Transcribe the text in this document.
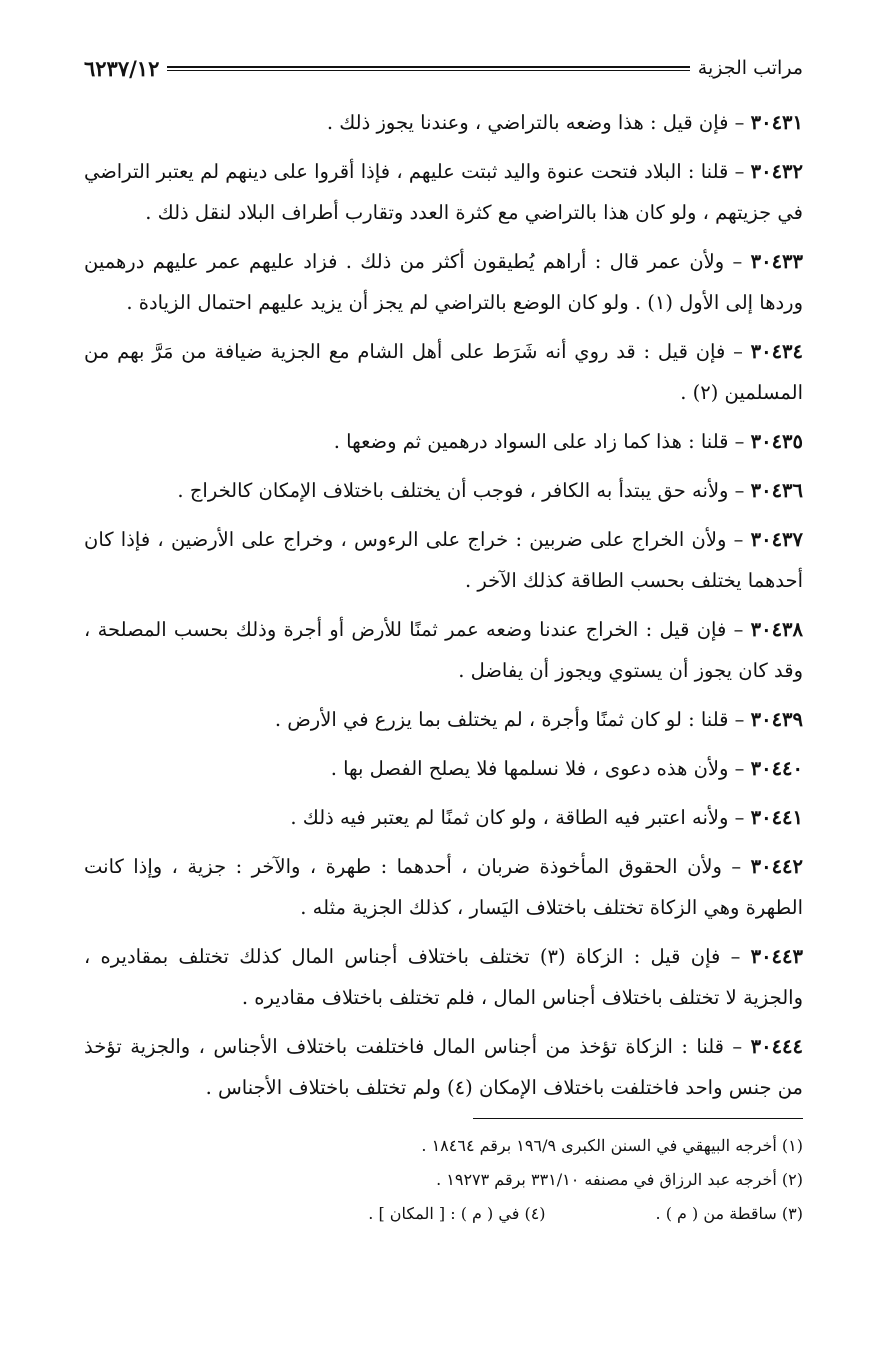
مراتب الجزية
٦٢٣٧/١٢

٣٠٤٣١ – فإن قيل : هذا وضعه بالتراضي ، وعندنا يجوز ذلك .

٣٠٤٣٢ – قلنا : البلاد فتحت عنوة واليد ثبتت عليهم ، فإذا أقروا على دينهم لم يعتبر التراضي في جزيتهم ، ولو كان هذا بالتراضي مع كثرة العدد وتقارب أطراف البلاد لنقل ذلك .

٣٠٤٣٣ – ولأن عمر قال : أراهم يُطيقون أكثر من ذلك . فزاد عليهم عمر عليهم درهمين وردها إلى الأول (١) . ولو كان الوضع بالتراضي لم يجز أن يزيد عليهم احتمال الزيادة .

٣٠٤٣٤ – فإن قيل : قد روي أنه شَرَط على أهل الشام مع الجزية ضيافة من مَرَّ بهم من المسلمين (٢) .

٣٠٤٣٥ – قلنا : هذا كما زاد على السواد درهمين ثم وضعها .

٣٠٤٣٦ – ولأنه حق يبتدأ به الكافر ، فوجب أن يختلف باختلاف الإمكان كالخراج .

٣٠٤٣٧ – ولأن الخراج على ضربين : خراج على الرءوس ، وخراج على الأرضين ، فإذا كان أحدهما يختلف بحسب الطاقة كذلك الآخر .

٣٠٤٣٨ – فإن قيل : الخراج عندنا وضعه عمر ثمنًا للأرض أو أجرة وذلك بحسب المصلحة ، وقد كان يجوز أن يستوي ويجوز أن يفاضل .

٣٠٤٣٩ – قلنا : لو كان ثمنًا وأجرة ، لم يختلف بما يزرع في الأرض .

٣٠٤٤٠ – ولأن هذه دعوى ، فلا نسلمها فلا يصلح الفصل بها .

٣٠٤٤١ – ولأنه اعتبر فيه الطاقة ، ولو كان ثمنًا لم يعتبر فيه ذلك .

٣٠٤٤٢ – ولأن الحقوق المأخوذة ضربان ، أحدهما : طهرة ، والآخر : جزية ، وإذا كانت الطهرة وهي الزكاة تختلف باختلاف اليَسار ، كذلك الجزية مثله .

٣٠٤٤٣ – فإن قيل : الزكاة (٣) تختلف باختلاف أجناس المال كذلك تختلف بمقاديره ، والجزية لا تختلف باختلاف أجناس المال ، فلم تختلف باختلاف مقاديره .

٣٠٤٤٤ – قلنا : الزكاة تؤخذ من أجناس المال فاختلفت باختلاف الأجناس ، والجزية تؤخذ من جنس واحد فاختلفت باختلاف الإمكان (٤) ولم تختلف باختلاف الأجناس .

(١) أخرجه البيهقي في السنن الكبرى ١٩٦/٩ برقم ١٨٤٦٤ .
(٢) أخرجه عبد الرزاق في مصنفه ٣٣١/١٠ برقم ١٩٢٧٣ .
(٣) ساقطة من ( م ) .
(٤) في ( م ) : [ المكان ] .
